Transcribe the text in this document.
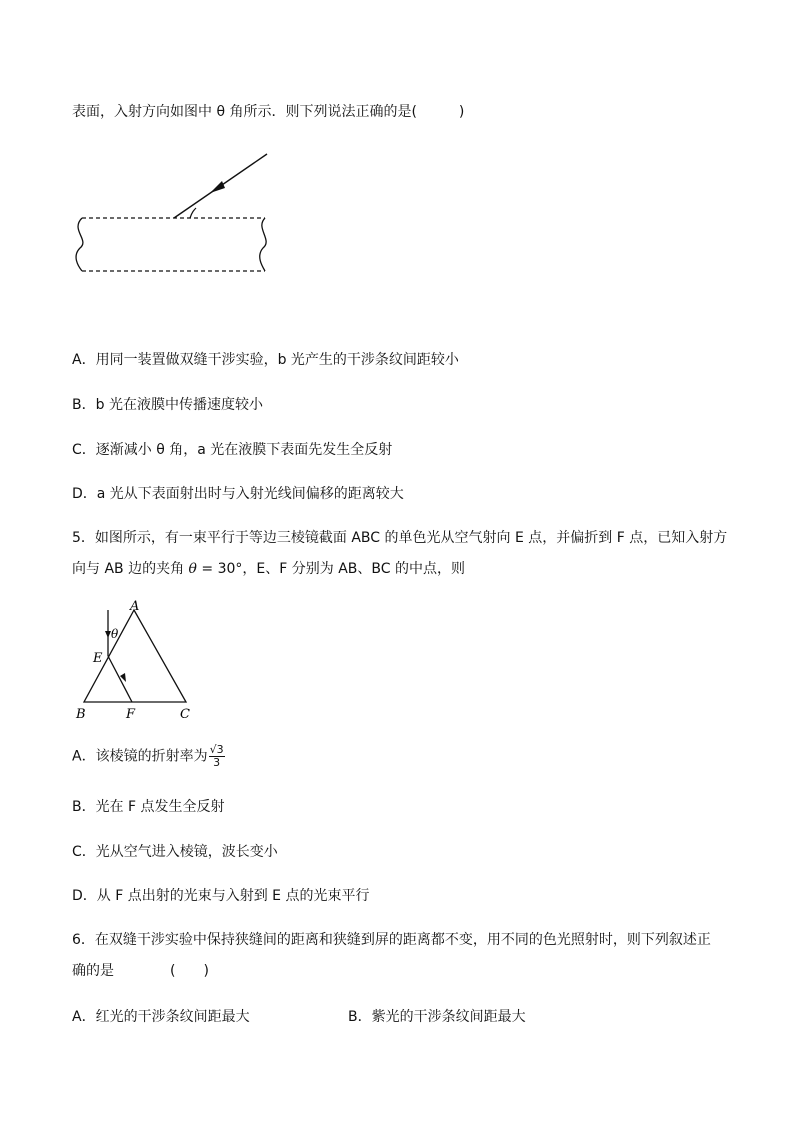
表面，入射方向如图中 θ 角所示．则下列说法正确的是(　　　)
A．用同一装置做双缝干涉实验，b 光产生的干涉条纹间距较小
B．b 光在液膜中传播速度较小
C．逐渐减小 θ 角，a 光在液膜下表面先发生全反射
D．a 光从下表面射出时与入射光线间偏移的距离较大
5．如图所示，有一束平行于等边三棱镜截面 ABC 的单色光从空气射向 E 点，并偏折到 F 点，已知入射方
向与 AB 边的夹角 θ = 30°，E、F 分别为 AB、BC 的中点，则
A
B	C
E
F
θ
A．该棱镜的折射率为 $\frac{√3}{3}$
B．光在 F 点发生全反射
C．光从空气进入棱镜，波长变小
D．从 F 点出射的光束与入射到 E 点的光束平行
6．在双缝干涉实验中保持狭缝间的距离和狭缝到屏的距离都不变，用不同的色光照射时，则下列叙述正
确的是　　　　(　　)
A．红光的干涉条纹间距最大	B．紫光的干涉条纹间距最大
